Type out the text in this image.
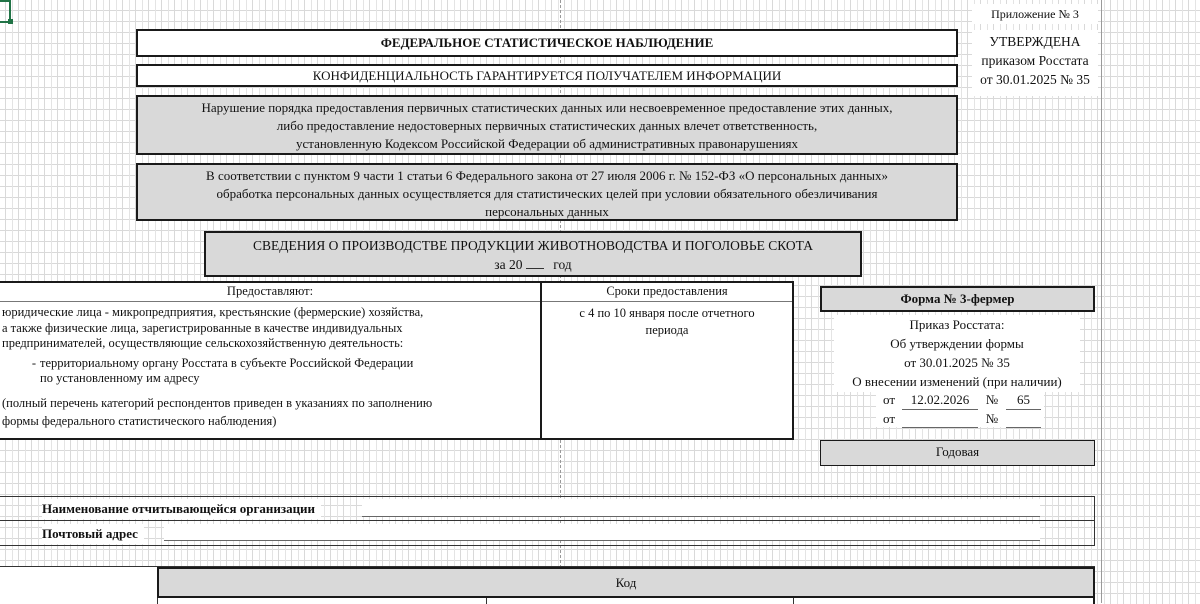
Приложение № 3
УТВЕРЖДЕНА
приказом Росстата
от 30.01.2025 № 35
ФЕДЕРАЛЬНОЕ СТАТИСТИЧЕСКОЕ НАБЛЮДЕНИЕ
КОНФИДЕНЦИАЛЬНОСТЬ ГАРАНТИРУЕТСЯ ПОЛУЧАТЕЛЕМ ИНФОРМАЦИИ
Нарушение порядка предоставления первичных статистических данных или несвоевременное предоставление этих данных,
либо предоставление недостоверных первичных статистических данных влечет ответственность,
установленную Кодексом Российской Федерации об административных правонарушениях
В соответствии с пунктом 9 части 1 статьи 6 Федерального закона от 27 июля 2006 г. № 152-ФЗ «О персональных данных»
обработка персональных данных осуществляется для статистических целей при условии обязательного обезличивания
персональных данных
СВЕДЕНИЯ О ПРОИЗВОДСТВЕ ПРОДУКЦИИ ЖИВОТНОВОДСТВА И ПОГОЛОВЬЕ СКОТА
за 20 год
Предоставляют:
юридические лица - микропредприятия, крестьянские (фермерские) хозяйства,
а также физические лица, зарегистрированные в качестве индивидуальных
предпринимателей, осуществляющие сельскохозяйственную деятельность:
- территориальному органу Росстата в субъекте Российской Федерации
по установленному им адресу
(полный перечень категорий респондентов приведен в указаниях по заполнению
формы федерального статистического наблюдения)
Сроки предоставления
с 4 по 10 января после отчетного
периода
Форма № 3-фермер
Приказ Росстата:
Об утверждении формы
от 30.01.2025 № 35
О внесении изменений (при наличии)
от	12.02.2026	№	65
от	№
Годовая
Наименование отчитывающейся организации
Почтовый адрес
Код
